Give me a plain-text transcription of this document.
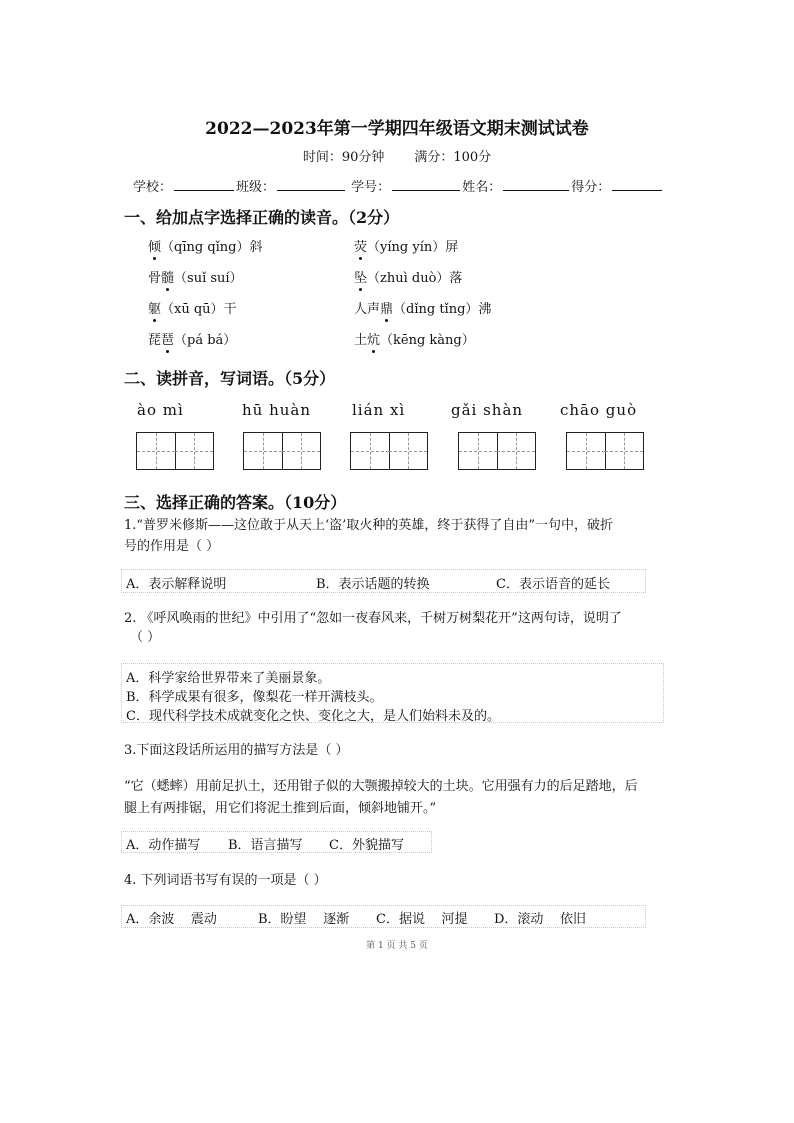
2022—2023年第一学期四年级语文期末测试试卷
时间：90分钟 满分：100分
学校：	班级：	学号：	姓名：	得分：
一、给加点字选择正确的读音。（2分）
倾（qīng qǐng）斜	荧（yíng yín）屏
骨髓（suǐ suí）	坠（zhuì duò）落
躯（xū qū）干	人声鼎（dǐng tǐng）沸
琵琶（pá bá）	土炕（kēng kàng）
二、读拼音，写词语。（5分）
ào mì	hū huàn	lián xì	gǎi shàn chāo guò
三、选择正确的答案。（10分）
1.“普罗米修斯——这位敢于从天上‘盗’取火种的英雄，终于获得了自由”一句中，破折
号的作用是（ ）
A．表示解释说明	B．表示话题的转换	C．表示语音的延长
2. 《呼风唤雨的世纪》中引用了“忽如一夜春风来，千树万树梨花开”这两句诗，说明了
（ ）
A．科学家给世界带来了美丽景象。
B．科学成果有很多，像梨花一样开满枝头。
C．现代科学技术成就变化之快、变化之大，是人们始料未及的。
3.下面这段话所运用的描写方法是（ ）
“它（蟋蟀）用前足扒土，还用钳子似的大颚搬掉较大的土块。它用强有力的后足踏地，后
腿上有两排锯，用它们将泥土推到后面，倾斜地铺开。”
A．动作描写 B．语言描写 C．外貌描写
4. 下列词语书写有误的一项是（ ）
A．余波    震动	B．盼望    逐渐 C．据说    河提 D．滚动    依旧
第 1 页 共 5 页
